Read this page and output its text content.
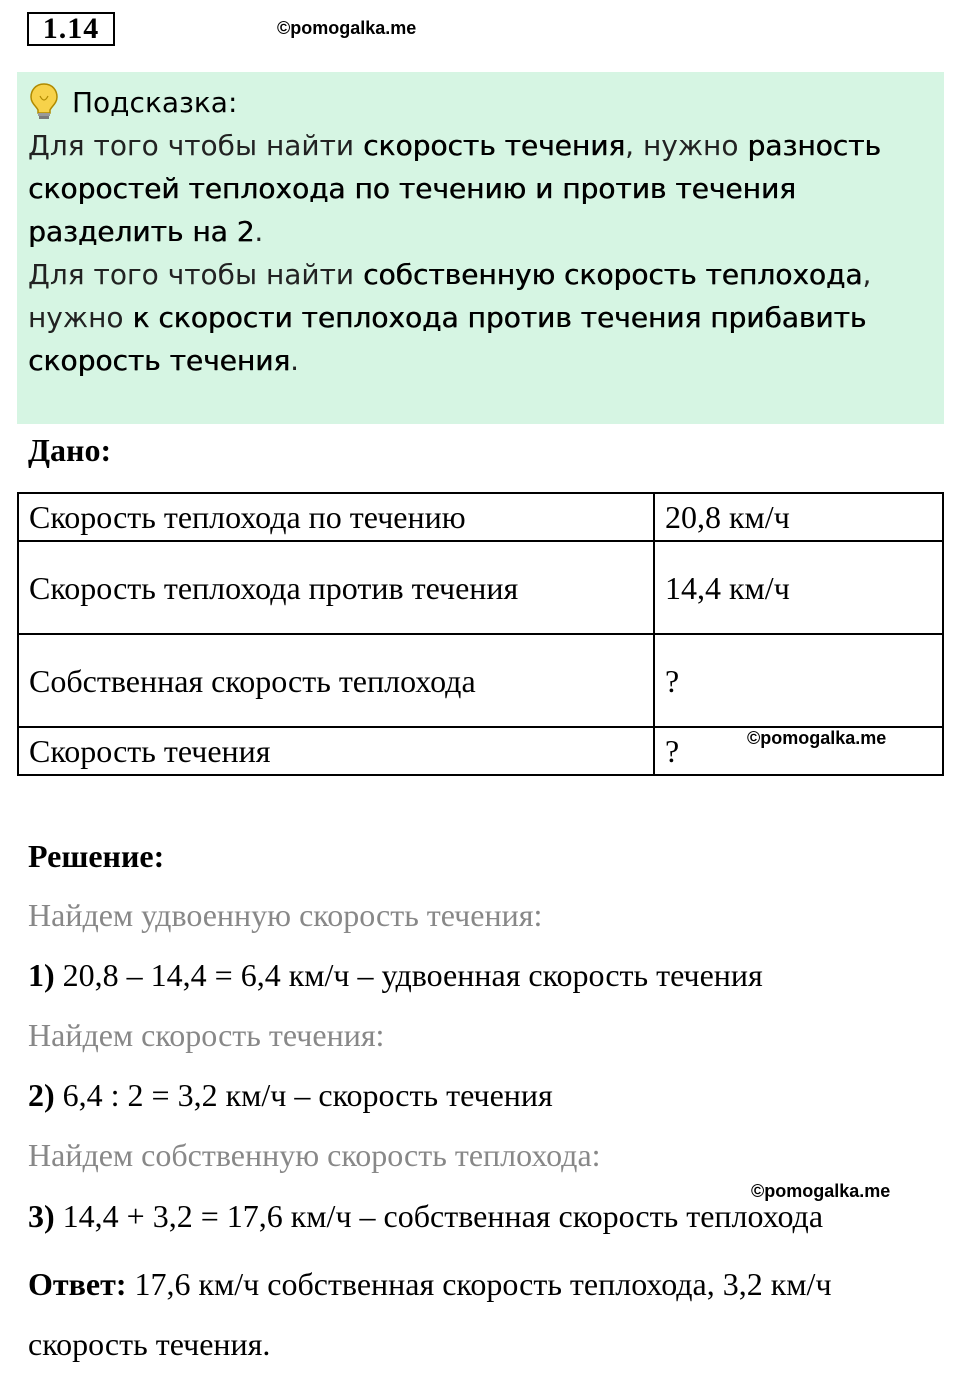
1.14	©pomogalka.me
Подсказка:

Для того чтобы найти скорость течения, нужно разность скоростей теплохода по течению и против течения разделить на 2.

Для того чтобы найти собственную скорость теплохода, нужно к скорости теплохода против течения прибавить скорость течения.

Дано:
Скорость теплохода по течению	20,8 км/ч
Скорость теплохода против течения	14,4 км/ч
Собственная скорость теплохода	?
Скорость течения	?	©pomogalka.me
Решение:
Найдем удвоенную скорость течения:
1) 20,8 – 14,4 = 6,4 км/ч – удвоенная скорость течения
Найдем скорость течения:
2) 6,4 : 2 = 3,2 км/ч – скорость течения
Найдем собственную скорость теплохода:
©pomogalka.me
3) 14,4 + 3,2 = 17,6 км/ч – собственная скорость теплохода
Ответ: 17,6 км/ч собственная скорость теплохода, 3,2 км/ч скорость течения.
